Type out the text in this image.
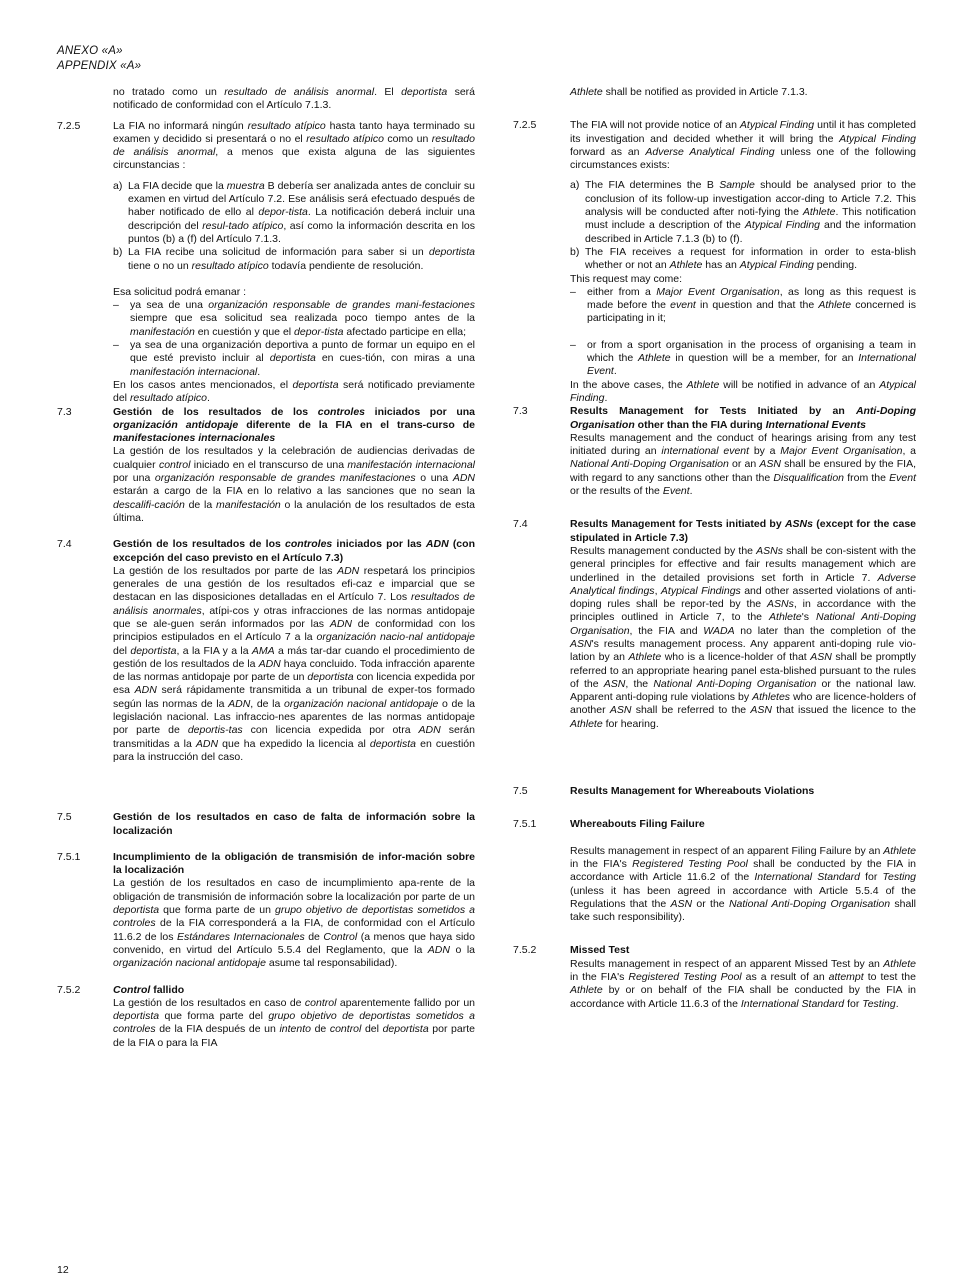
ANEXO «A»
APPENDIX «A»

no tratado como un resultado de análisis anormal. El deportista será notificado de conformidad con el Artículo 7.1.3.

7.2.5	La FIA no informará ningún resultado atípico hasta tanto haya terminado su examen y decidido si presentará o no el resultado atípico como un resultado de análisis anormal, a menos que exista alguna de las siguientes circunstancias :

a) La FIA decide que la muestra B debería ser analizada antes de concluir su examen en virtud del Artículo 7.2. Ese análisis será efectuado después de haber notificado de ello al depor-tista. La notificación deberá incluir una descripción del resul-tado atípico, así como la información descrita en los puntos (b) a (f) del Artículo 7.1.3.

b) La FIA recibe una solicitud de información para saber si un deportista tiene o no un resultado atípico todavía pendiente de resolución.

Esa solicitud podrá emanar :

–	ya sea de una organización responsable de grandes mani-festaciones siempre que esa solicitud sea realizada poco tiempo antes de la manifestación en cuestión y que el depor-tista afectado participe en ella;

–	ya sea de una organización deportiva a punto de formar un equipo en el que esté previsto incluir al deportista en cues-tión, con miras a una manifestación internacional.

En los casos antes mencionados, el deportista será notificado previamente del resultado atípico.

7.3	Gestión de los resultados de los controles iniciados por una organización antidopaje diferente de la FIA en el trans-curso de manifestaciones internacionales

La gestión de los resultados y la celebración de audiencias derivadas de cualquier control iniciado en el transcurso de una manifestación internacional por una organización responsable de grandes manifestaciones o una ADN estarán a cargo de la FIA en lo relativo a las sanciones que no sean la descalifi-cación de la manifestación o la anulación de los resultados de esta última.

7.4	Gestión de los resultados de los controles iniciados por las ADN (con excepción del caso previsto en el Artículo 7.3)

La gestión de los resultados por parte de las ADN respetará los principios generales de una gestión de los resultados efi-caz e imparcial que se destacan en las disposiciones detalladas en el Artículo 7. Los resultados de análisis anormales, atípi-cos y otras infracciones de las normas antidopaje que se ale-guen serán informados por las ADN de conformidad con los principios estipulados en el Artículo 7 a la organización nacio-nal antidopaje del deportista, a la FIA y a la AMA a más tar-dar cuando el procedimiento de gestión de los resultados de la ADN haya concluido. Toda infracción aparente de las normas antidopaje por parte de un deportista con licencia expedida por esa ADN será rápidamente transmitida a un tribunal de exper-tos formado según las normas de la ADN, de la organización nacional antidopaje o de la legislación nacional. Las infraccio-nes aparentes de las normas antidopaje por parte de deportis-tas con licencia expedida por otra ADN serán transmitidas a la ADN que ha expedido la licencia al deportista en cuestión para la instrucción del caso.

7.5	Gestión de los resultados en caso de falta de información sobre la localización

7.5.1	Incumplimiento de la obligación de transmisión de infor-mación sobre la localización

La gestión de los resultados en caso de incumplimiento apa-rente de la obligación de transmisión de información sobre la localización por parte de un deportista que forma parte de un grupo objetivo de deportistas sometidos a controles de la FIA corresponderá a la FIA, de conformidad con el Artículo 11.6.2 de los Estándares Internacionales de Control (a menos que haya sido convenido, en virtud del Artículo 5.5.4 del Reglamento, que la ADN o la organización nacional antidopaje asume tal responsabilidad).

7.5.2	Control fallido

La gestión de los resultados en caso de control aparentemente fallido por un deportista que forma parte del grupo objetivo de deportistas sometidos a controles de la FIA después de un intento de control del deportista por parte de la FIA o para la FIA

Athlete shall be notified as provided in Article 7.1.3.

7.2.5	The FIA will not provide notice of an Atypical Finding until it has completed its investigation and decided whether it will bring the Atypical Finding forward as an Adverse Analytical Finding unless one of the following circumstances exists:

a) The FIA determines the B Sample should be analysed prior to the conclusion of its follow-up investigation accor-ding to Article 7.2. This analysis will be conducted after noti-fying the Athlete. This notification must include a description of the Atypical Finding and the information described in Article 7.1.3 (b) to (f).

b) The FIA receives a request for information in order to esta-blish whether or not an Athlete has an Atypical Finding pending.

This request may come:

–	either from a Major Event Organisation, as long as this request is made before the event in question and that the Athlete concerned is participating in it;

–	or from a sport organisation in the process of organising a team in which the Athlete in question will be a member, for an International Event.

In the above cases, the Athlete will be notified in advance of an Atypical Finding.

7.3	Results Management for Tests Initiated by an Anti-Doping Organisation other than the FIA during International Events

Results management and the conduct of hearings arising from any test initiated during an international event by a Major Event Organisation, a National Anti-Doping Organisation or an ASN shall be ensured by the FIA, with regard to any sanctions other than the Disqualification from the Event or the results of the Event.

7.4	Results Management for Tests initiated by ASNs (except for the case stipulated in Article 7.3)

Results management conducted by the ASNs shall be con-sistent with the general principles for effective and fair results management which are underlined in the detailed provisions set forth in Article 7. Adverse Analytical findings, Atypical Findings and other asserted violations of anti-doping rules shall be repor-ted by the ASNs, in accordance with the principles outlined in Article 7, to the Athlete's National Anti-Doping Organisation, the FIA and WADA no later than the completion of the ASN's results management process. Any apparent anti-doping rule vio-lation by an Athlete who is a licence-holder of that ASN shall be promptly referred to an appropriate hearing panel esta-blished pursuant to the rules of the ASN, the National Anti-Doping Organisation or the national law. Apparent anti-doping rule violations by Athletes who are licence-holders of another ASN shall be referred to the ASN that issued the licence to the Athlete for hearing.

7.5	Results Management for Whereabouts Violations

7.5.1	Whereabouts Filing Failure

Results management in respect of an apparent Filing Failure by an Athlete in the FIA's Registered Testing Pool shall be conducted by the FIA in accordance with Article 11.6.2 of the International Standard for Testing (unless it has been agreed in accordance with Article 5.5.4 of the Regulations that the ASN or the National Anti-Doping Organisation shall take such responsibility).

7.5.2	Missed Test

Results management in respect of an apparent Missed Test by an Athlete in the FIA's Registered Testing Pool as a result of an attempt to test the Athlete by or on behalf of the FIA shall be conducted by the FIA in accordance with Article 11.6.3 of the International Standard for Testing.

12
